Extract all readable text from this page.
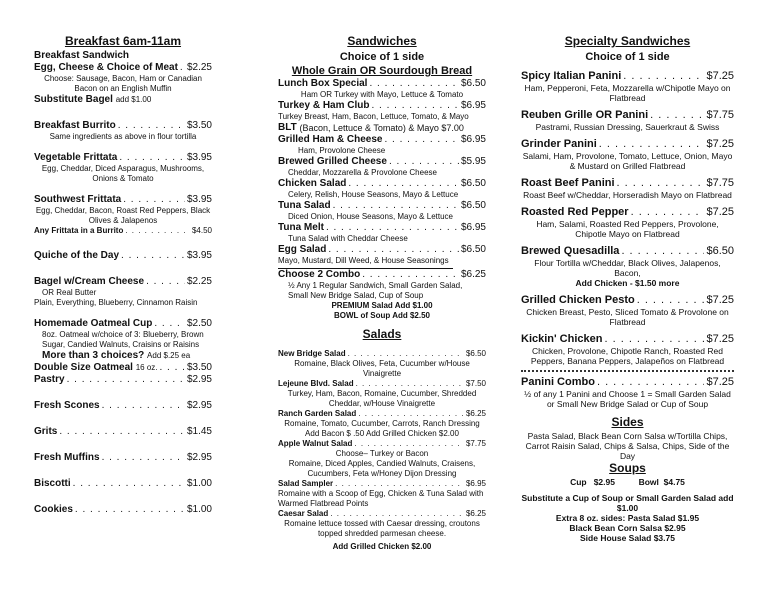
Breakfast 6am-11am
Breakfast Sandwich
Egg, Cheese & Choice of Meat . . . $2.25
Choose: Sausage, Bacon, Ham or Canadian Bacon on an English Muffin
Substitute Bagel
add $1.00
Breakfast Burrito . . .	$3.50
Same ingredients as above in flour tortilla
Vegetable Frittata . . .	$3.95
Egg, Cheddar, Diced Asparagus, Mushrooms, Onions & Tomato
Southwest Frittata . . .	$3.95
Egg, Cheddar, Bacon, Roast Red Peppers, Black Olives & Jalapenos
Any Frittata in a Burrito . . .	$4.50
Quiche of the Day . . .	$3.95
Bagel w/Cream Cheese . . .	$2.25
OR Real Butter
Plain, Everything, Blueberry, Cinnamon Raisin
Homemade Oatmeal Cup . . .	$2.50
8oz. Oatmeal w/choice of 3: Blueberry, Brown Sugar, Candied Walnuts, Craisins or Raisins
More than 3 choices?
Add $.25 ea
Double Size Oatmeal
16 oz. . . .	$3.50
Pastry . . .	$2.95
Fresh Scones . . .	$2.95
Grits . . .	$1.45
Fresh Muffins . . .	$2.95
Biscotti . . .	$1.00
Cookies . . .	$1.00
Sandwiches
Choice of 1 side
Whole Grain OR Sourdough Bread
Lunch Box Special . . .	$6.50
Ham OR Turkey with Mayo, Lettuce & Tomato
Turkey & Ham Club . . .	$6.95
Turkey Breast, Ham, Bacon, Lettuce, Tomato, & Mayo
BLT
(Bacon, Lettuce & Tomato) & Mayo $7.00
Grilled Ham & Cheese . . .	$6.95
Ham, Provolone Cheese
Brewed Grilled Cheese . . .	$5.95
Cheddar, Mozzarella & Provolone Cheese
Chicken Salad . . .	$6.50
Celery, Relish, House Seasons, Mayo & Lettuce
Tuna Salad . . .	$6.50
Diced Onion, House Seasons, Mayo & Lettuce
Tuna Melt . . .	$6.95
Tuna Salad with Cheddar Cheese
Egg Salad . . .	$6.50
Mayo, Mustard, Dill Weed, & House Seasonings
Choose 2 Combo . . .	$6.25
½ Any 1 Regular Sandwich, Small Garden Salad,
Small New Bridge Salad, Cup of Soup
PREMIUM Salad Add $1.00
BOWL of Soup Add $2.50
Salads
New Bridge Salad . . .	$6.50
Romaine, Black Olives, Feta, Cucumber w/House Vinaigrette
Lejeune Blvd. Salad . . .	$7.50
Turkey, Ham, Bacon, Romaine, Cucumber, Shredded Cheddar, w/House Vinaigrette
Ranch Garden Salad . . .	$6.25
Romaine, Tomato, Cucumber, Carrots, Ranch Dressing
Add Bacon $ .50 Add Grilled Chicken $2.00
Apple Walnut Salad . . .	$7.75
Choose– Turkey or Bacon
Romaine, Diced Apples, Candied Walnuts, Craisens, Cucumbers, Feta w/Honey Dijon Dressing
Salad Sampler . . .	$6.95
Romaine with a Scoop of Egg, Chicken & Tuna Salad with Warmed Flatbread Points
Caesar Salad . . .	$6.25
Romaine lettuce tossed with Caesar dressing, croutons topped shredded parmesan cheese.
Add Grilled Chicken $2.00
Specialty Sandwiches
Choice of 1 side
Spicy Italian Panini . . .	$7.25
Ham, Pepperoni, Feta, Mozzarella w/Chipotle Mayo on Flatbread
Reuben Grille OR Panini . . .	$7.75
Pastrami, Russian Dressing, Sauerkraut & Swiss
Grinder Panini . . .	$7.25
Salami, Ham, Provolone, Tomato, Lettuce, Onion, Mayo & Mustard on Grilled Flatbread
Roast Beef Panini . . .	$7.75
Roast Beef w/Cheddar, Horseradish Mayo on Flatbread
Roasted Red Pepper . . .	$7.25
Ham, Salami, Roasted Red Peppers, Provolone, Chipotle Mayo on Flatbread
Brewed Quesadilla . . .	$6.50
Flour Tortilla w/Cheddar, Black Olives, Jalapenos, Bacon,
Add Chicken - $1.50 more
Grilled Chicken Pesto . . .	$7.25
Chicken Breast, Pesto, Sliced Tomato & Provolone on Flatbread
Kickin' Chicken . . .	$7.25
Chicken, Provolone, Chipotle Ranch, Roasted Red Peppers, Banana Peppers, Jalapeños on Flatbread
Panini Combo . . .	$7.25
½ of any 1 Panini and Choose 1 = Small Garden Salad or Small New Bridge Salad or Cup of Soup
Sides
Pasta Salad, Black Bean Corn Salsa w/Tortilla Chips, Carrot Raisin Salad, Chips & Salsa, Chips, Side of the Day
Soups
Cup $2.95	Bowl $4.75
Substitute a Cup of Soup or Small Garden Salad add $1.00
Extra 8 oz. sides: Pasta Salad $1.95
Black Bean Corn Salsa $2.95
Side House Salad $3.75
